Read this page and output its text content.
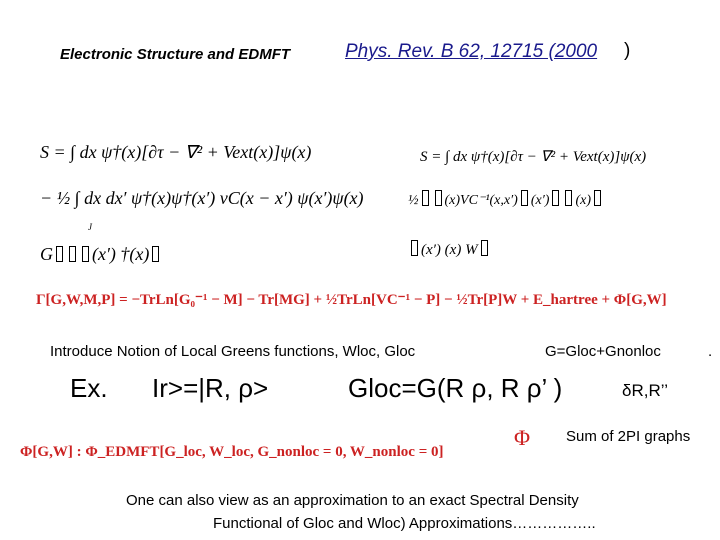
Electronic Structure and EDMFT	Phys. Rev. B 62, 12715 (2000 )
S = ∫ dx ψ†(x)[∂τ − ∇² + Vext(x)]ψ(x)
− ½ ∫ dx dx′ ψ†(x)ψ†(x′) vC(x − x′) ψ(x′)ψ(x)
J
S = ∫ dx ψ†(x)[∂τ − ∇² + Vext(x)]ψ(x)
½ (x)VC⁻¹(x,x′) (x′) (x)
G (x′) †(x)	(x′) (x) W
Γ[G,W,M,P] = −TrLn[G₀⁻¹ − M] − Tr[MG] + ½TrLn[VC⁻¹ − P] − ½Tr[P]W + E_hartree + Φ[G,W]
Introduce Notion of Local Greens functions, Wloc, Gloc	G=Gloc+Gnonloc	.
Ex. Ir>=|R, ρ>	Gloc=G(R ρ, R ρ’ )	δR,R’’
Φ[G,W] : Φ_EDMFT[G_loc, W_loc, G_nonloc = 0, W_nonloc = 0]
Φ Sum of 2PI graphs
One can also view as an approximation to an exact Spectral Density
Functional of Gloc and Wloc) Approximations……………..
